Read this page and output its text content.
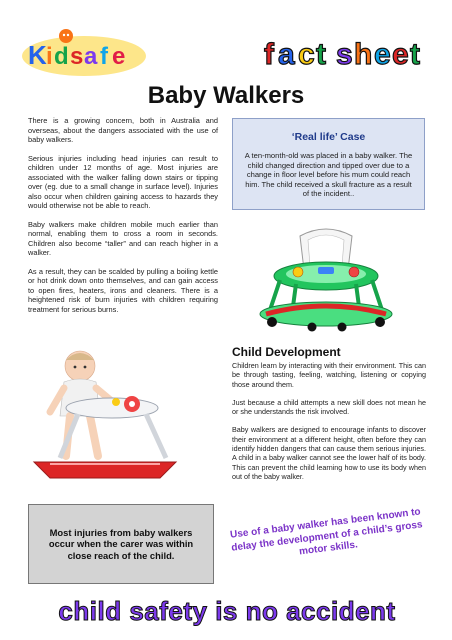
K i d s a f e	f a c t s h e e t
Baby Walkers

There is a growing concern, both in Australia and overseas, about the dangers associated with the use of baby walkers.

Serious injuries including head injuries can result to children under 12 months of age. Most injuries are associated with the walker falling down stairs or tipping over (eg. due to a small change in surface level). Injuries also occur when children gaining access to hazards they would otherwise not be able to reach.

Baby walkers make children mobile much earlier than normal, enabling them to cross a room in seconds. Children also become “taller” and can reach higher in a walker.

As a result, they can be scalded by pulling a boiling kettle or hot drink down onto themselves, and can gain access to open fires, heaters, irons and cleaners. There is a heightened risk of burn injuries with children requiring treatment for serious burns.

‘Real life’ Case
A ten-month-old was placed in a baby walker. The child changed direction and tipped over due to a change in floor level before his mum could reach him. The child received a skull fracture as a result of the incident..
Child Development

Children learn by interacting with their environment. This can be through tasting, feeling, watching, listening or copying those around them.

Just because a child attempts a new skill does not mean he or she understands the risk involved.

Baby walkers are designed to encourage infants to discover their environment at a different height, often before they can identify hidden dangers that can cause them serious injuries. A child in a baby walker cannot see the lower half of its body. This can prevent the child learning how to use its body when out of the baby walker.

Most injuries from baby walkers occur when the carer was within close reach of the child.
Use of a baby walker has been known to delay the development of a child’s gross motor skills.
child safety is no accident
